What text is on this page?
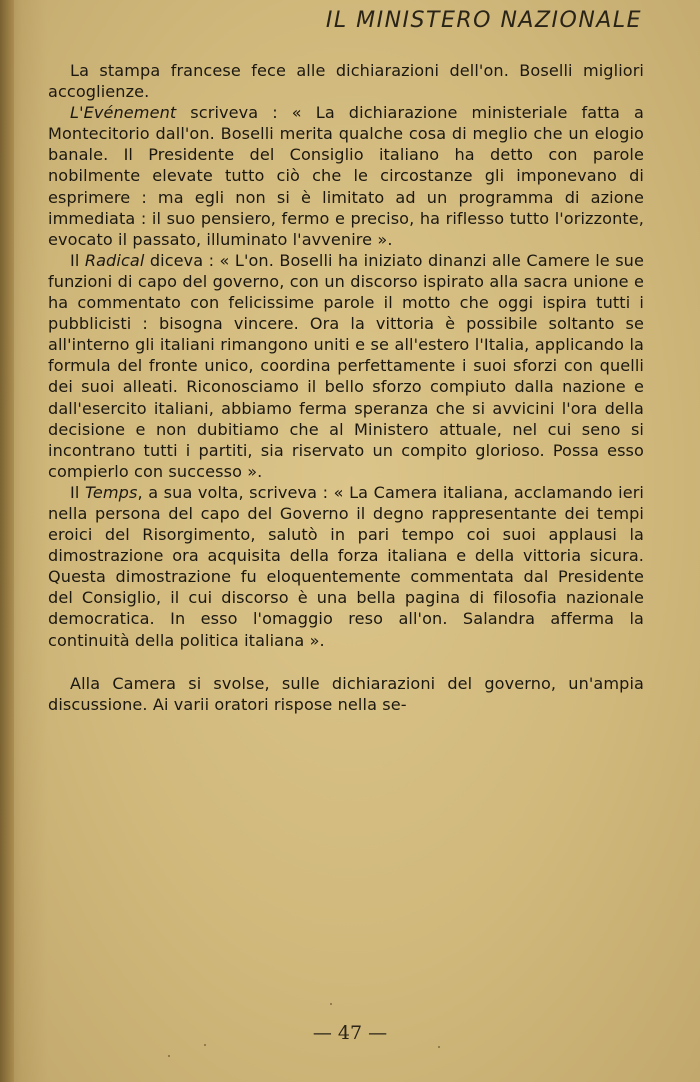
IL MINISTERO NAZIONALE

La stampa francese fece alle dichiarazioni dell'on. Boselli migliori accoglienze.

L'Evénement scriveva : « La dichiarazione ministeriale fatta a Montecitorio dall'on. Boselli merita qualche cosa di meglio che un elogio banale. Il Presidente del Consiglio italiano ha detto con parole nobilmente elevate tutto ciò che le circostanze gli imponevano di esprimere : ma egli non si è limitato ad un programma di azione immediata : il suo pensiero, fermo e preciso, ha riflesso tutto l'orizzonte, evocato il passato, illuminato l'avvenire ».

Il Radical diceva : « L'on. Boselli ha iniziato dinanzi alle Camere le sue funzioni di capo del governo, con un discorso ispirato alla sacra unione e ha commentato con felicissime parole il motto che oggi ispira tutti i pubblicisti : bisogna vincere. Ora la vittoria è possibile soltanto se all'interno gli italiani rimangono uniti e se all'estero l'Italia, applicando la formula del fronte unico, coordina perfettamente i suoi sforzi con quelli dei suoi alleati. Riconosciamo il bello sforzo compiuto dalla nazione e dall'esercito italiani, abbiamo ferma speranza che si avvicini l'ora della decisione e non dubitiamo che al Ministero attuale, nel cui seno si incontrano tutti i partiti, sia riservato un compito glorioso. Possa esso compierlo con successo ».

Il Temps, a sua volta, scriveva : « La Camera italiana, acclamando ieri nella persona del capo del Governo il degno rappresentante dei tempi eroici del Risorgimento, salutò in pari tempo coi suoi applausi la dimostrazione ora acquisita della forza italiana e della vittoria sicura. Questa dimostrazione fu eloquentemente commentata dal Presidente del Consiglio, il cui discorso è una bella pagina di filosofia nazionale democratica. In esso l'omaggio reso all'on. Salandra afferma la continuità della politica italiana ».

Alla Camera si svolse, sulle dichiarazioni del governo, un'ampia discussione. Ai varii oratori rispose nella se-

— 47 —
